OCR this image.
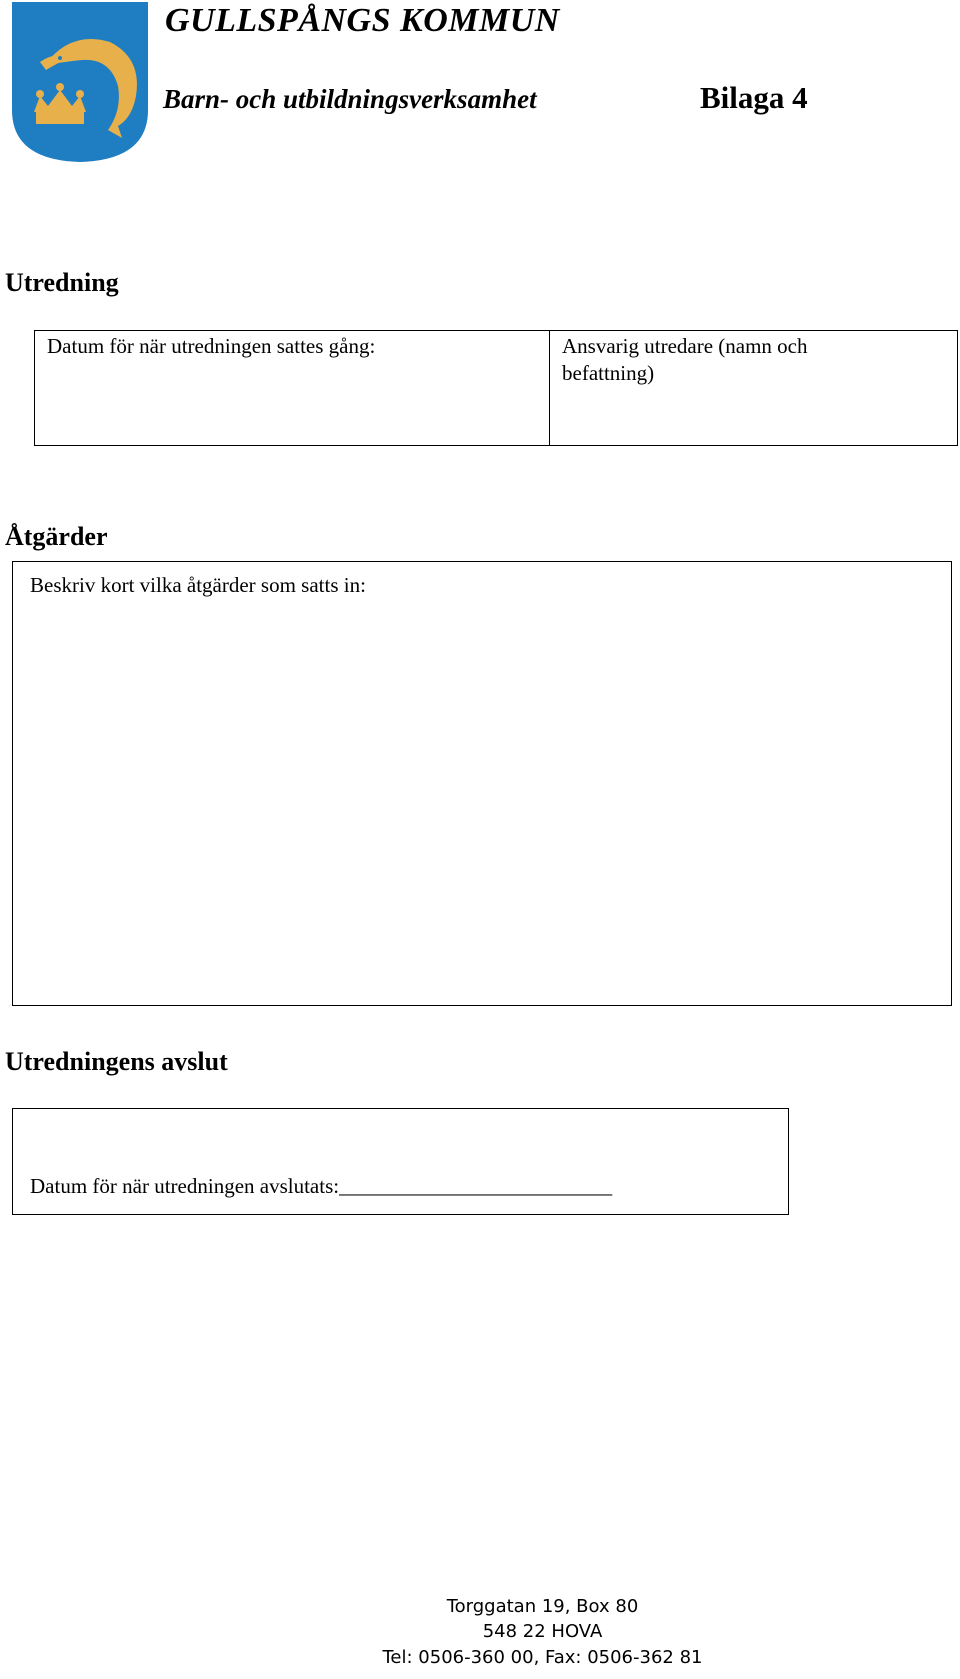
GULLSPÅNGS KOMMUN
Barn- och utbildningsverksamhet	Bilaga 4
Utredning
Datum för när utredningen sattes gång:	Ansvarig utredare (namn och befattning)
Åtgärder
Beskriv kort vilka åtgärder som satts in:
Utredningens avslut
Datum för när utredningen avslutats:__________________________
Torggatan 19, Box 80
548 22 HOVA
Tel: 0506-360 00, Fax: 0506-362 81
